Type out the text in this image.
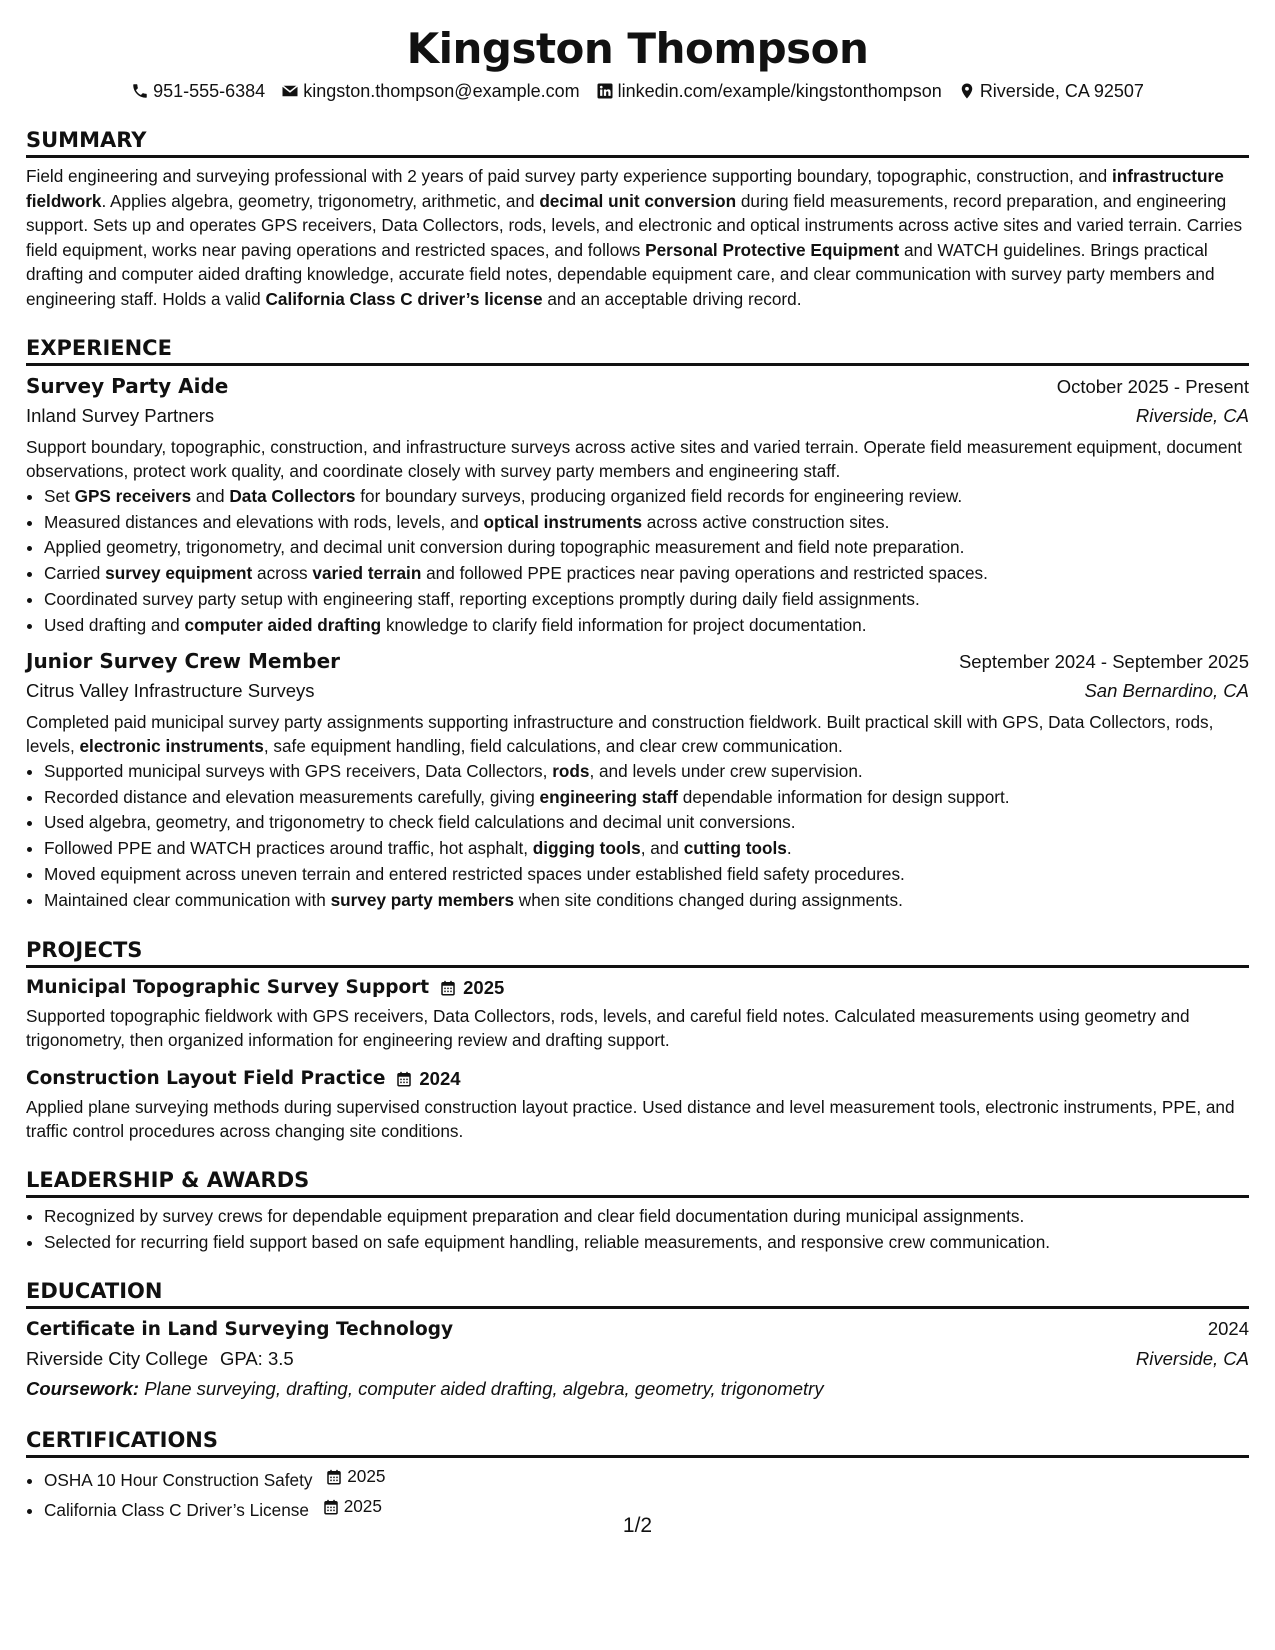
Kingston Thompson
951-555-6384 kingston.thompson@example.com linkedin.com/example/kingstonthompson Riverside, CA 92507
SUMMARY
Field engineering and surveying professional with 2 years of paid survey party experience supporting boundary, topographic, construction, and infrastructure fieldwork. Applies algebra, geometry, trigonometry, arithmetic, and decimal unit conversion during field measurements, record preparation, and engineering support. Sets up and operates GPS receivers, Data Collectors, rods, levels, and electronic and optical instruments across active sites and varied terrain. Carries field equipment, works near paving operations and restricted spaces, and follows Personal Protective Equipment and WATCH guidelines. Brings practical drafting and computer aided drafting knowledge, accurate field notes, dependable equipment care, and clear communication with survey party members and engineering staff. Holds a valid California Class C driver’s license and an acceptable driving record.
EXPERIENCE
Survey Party Aide	October 2025 - Present
Inland Survey Partners	Riverside, CA
Support boundary, topographic, construction, and infrastructure surveys across active sites and varied terrain. Operate field measurement equipment, document observations, protect work quality, and coordinate closely with survey party members and engineering staff.
• Set GPS receivers and Data Collectors for boundary surveys, producing organized field records for engineering review.
• Measured distances and elevations with rods, levels, and optical instruments across active construction sites.
• Applied geometry, trigonometry, and decimal unit conversion during topographic measurement and field note preparation.
• Carried survey equipment across varied terrain and followed PPE practices near paving operations and restricted spaces.
• Coordinated survey party setup with engineering staff, reporting exceptions promptly during daily field assignments.
• Used drafting and computer aided drafting knowledge to clarify field information for project documentation.
Junior Survey Crew Member	September 2024 - September 2025
Citrus Valley Infrastructure Surveys	San Bernardino, CA
Completed paid municipal survey party assignments supporting infrastructure and construction fieldwork. Built practical skill with GPS, Data Collectors, rods, levels, electronic instruments, safe equipment handling, field calculations, and clear crew communication.
• Supported municipal surveys with GPS receivers, Data Collectors, rods, and levels under crew supervision.
• Recorded distance and elevation measurements carefully, giving engineering staff dependable information for design support.
• Used algebra, geometry, and trigonometry to check field calculations and decimal unit conversions.
• Followed PPE and WATCH practices around traffic, hot asphalt, digging tools, and cutting tools.
• Moved equipment across uneven terrain and entered restricted spaces under established field safety procedures.
• Maintained clear communication with survey party members when site conditions changed during assignments.
PROJECTS
Municipal Topographic Survey Support 2025
Supported topographic fieldwork with GPS receivers, Data Collectors, rods, levels, and careful field notes. Calculated measurements using geometry and trigonometry, then organized information for engineering review and drafting support.
Construction Layout Field Practice 2024
Applied plane surveying methods during supervised construction layout practice. Used distance and level measurement tools, electronic instruments, PPE, and traffic control procedures across changing site conditions.
LEADERSHIP & AWARDS
• Recognized by survey crews for dependable equipment preparation and clear field documentation during municipal assignments.
• Selected for recurring field support based on safe equipment handling, reliable measurements, and responsive crew communication.
EDUCATION
Certificate in Land Surveying Technology	2024
Riverside City College GPA: 3.5	Riverside, CA
Coursework: Plane surveying, drafting, computer aided drafting, algebra, geometry, trigonometry
CERTIFICATIONS
• OSHA 10 Hour Construction Safety 2025
• California Class C Driver’s License 2025
1/2
